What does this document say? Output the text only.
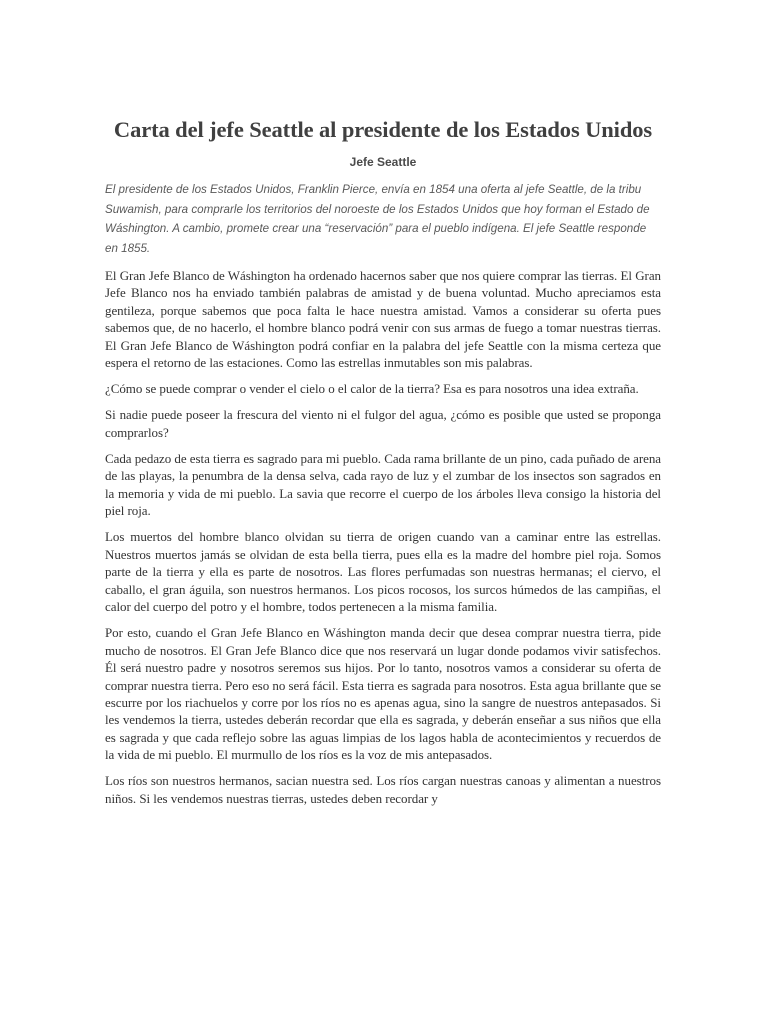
Carta del jefe Seattle al presidente de los Estados Unidos
Jefe Seattle

El presidente de los Estados Unidos, Franklin Pierce, envía en 1854 una oferta al jefe Seattle, de la tribu Suwamish, para comprarle los territorios del noroeste de los Estados Unidos que hoy forman el Estado de Wáshington. A cambio, promete crear una “reservación” para el pueblo indígena. El jefe Seattle responde en 1855.

El Gran Jefe Blanco de Wáshington ha ordenado hacernos saber que nos quiere comprar las tierras. El Gran Jefe Blanco nos ha enviado también palabras de amistad y de buena voluntad. Mucho apreciamos esta gentileza, porque sabemos que poca falta le hace nuestra amistad. Vamos a considerar su oferta pues sabemos que, de no hacerlo, el hombre blanco podrá venir con sus armas de fuego a tomar nuestras tierras. El Gran Jefe Blanco de Wáshington podrá confiar en la palabra del jefe Seattle con la misma certeza que espera el retorno de las estaciones. Como las estrellas inmutables son mis palabras.

¿Cómo se puede comprar o vender el cielo o el calor de la tierra? Esa es para nosotros una idea extraña.

Si nadie puede poseer la frescura del viento ni el fulgor del agua, ¿cómo es posible que usted se proponga comprarlos?

Cada pedazo de esta tierra es sagrado para mi pueblo. Cada rama brillante de un pino, cada puñado de arena de las playas, la penumbra de la densa selva, cada rayo de luz y el zumbar de los insectos son sagrados en la memoria y vida de mi pueblo. La savia que recorre el cuerpo de los árboles lleva consigo la historia del piel roja.

Los muertos del hombre blanco olvidan su tierra de origen cuando van a caminar entre las estrellas. Nuestros muertos jamás se olvidan de esta bella tierra, pues ella es la madre del hombre piel roja. Somos parte de la tierra y ella es parte de nosotros. Las flores perfumadas son nuestras hermanas; el ciervo, el caballo, el gran águila, son nuestros hermanos. Los picos rocosos, los surcos húmedos de las campiñas, el calor del cuerpo del potro y el hombre, todos pertenecen a la misma familia.

Por esto, cuando el Gran Jefe Blanco en Wáshington manda decir que desea comprar nuestra tierra, pide mucho de nosotros. El Gran Jefe Blanco dice que nos reservará un lugar donde podamos vivir satisfechos. Él será nuestro padre y nosotros seremos sus hijos. Por lo tanto, nosotros vamos a considerar su oferta de comprar nuestra tierra. Pero eso no será fácil. Esta tierra es sagrada para nosotros. Esta agua brillante que se escurre por los riachuelos y corre por los ríos no es apenas agua, sino la sangre de nuestros antepasados. Si les vendemos la tierra, ustedes deberán recordar que ella es sagrada, y deberán enseñar a sus niños que ella es sagrada y que cada reflejo sobre las aguas limpias de los lagos habla de acontecimientos y recuerdos de la vida de mi pueblo. El murmullo de los ríos es la voz de mis antepasados.

Los ríos son nuestros hermanos, sacian nuestra sed. Los ríos cargan nuestras canoas y alimentan a nuestros niños. Si les vendemos nuestras tierras, ustedes deben recordar y
